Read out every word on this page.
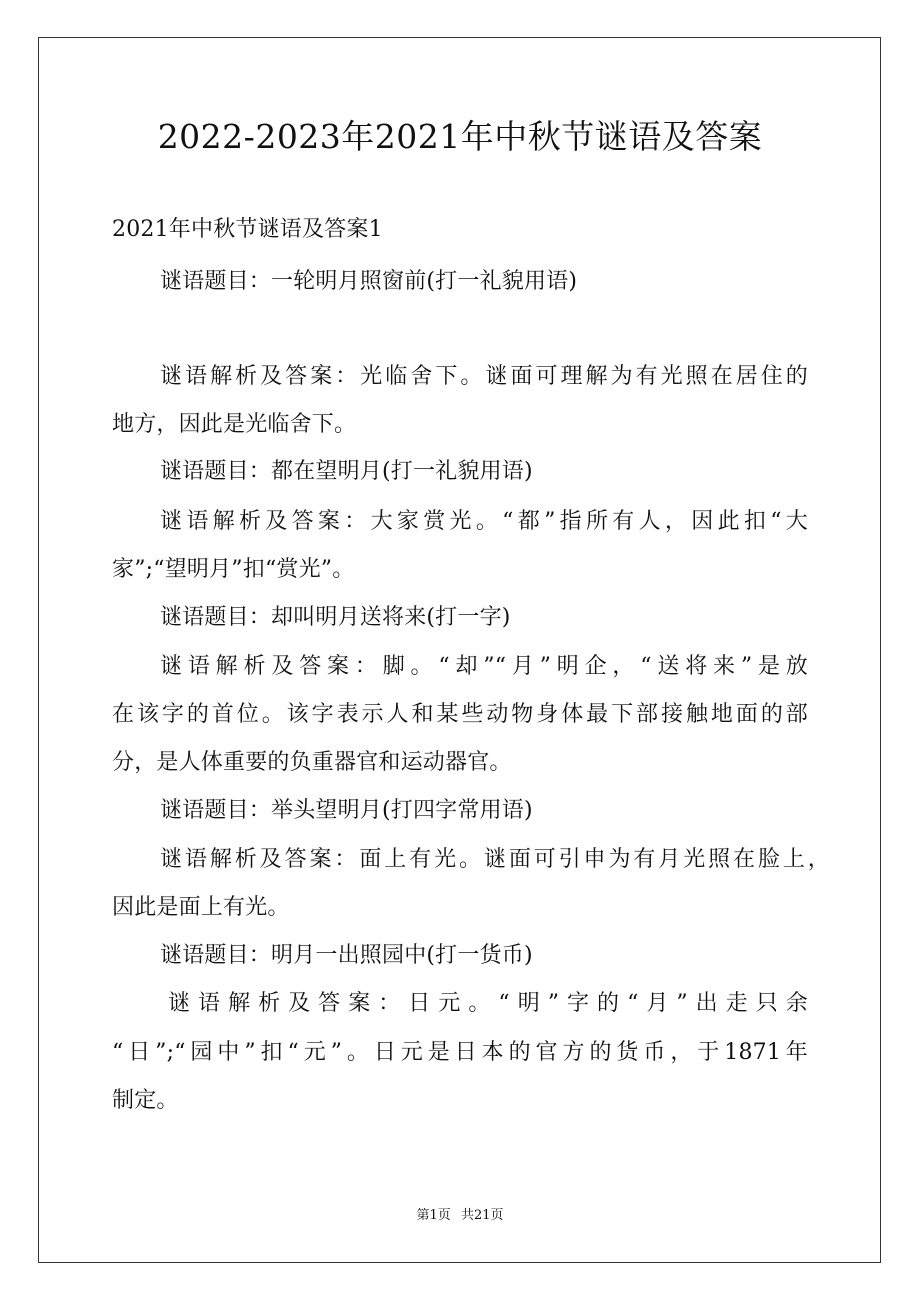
2022-2023年2021年中秋节谜语及答案
2021年中秋节谜语及答案1
谜语题目：一轮明月照窗前(打一礼貌用语)
谜语解析及答案：光临舍下。谜面可理解为有光照在居住的
地方，因此是光临舍下。
谜语题目：都在望明月(打一礼貌用语)
谜语解析及答案：大家赏光。“都”指所有人，因此扣“大
家”;“望明月”扣“赏光”。
谜语题目：却叫明月送将来(打一字)
谜语解析及答案：脚。“却”“月”明企，“送将来”是放
在该字的首位。该字表示人和某些动物身体最下部接触地面的部
分，是人体重要的负重器官和运动器官。
谜语题目：举头望明月(打四字常用语)
谜语解析及答案：面上有光。谜面可引申为有月光照在脸上，
因此是面上有光。
谜语题目：明月一出照园中(打一货币)
谜语解析及答案：日元。“明”字的“月”出走只余
“日”;“园中”扣“元”。日元是日本的官方的货币，于1871年
制定。
第1页 共21页
